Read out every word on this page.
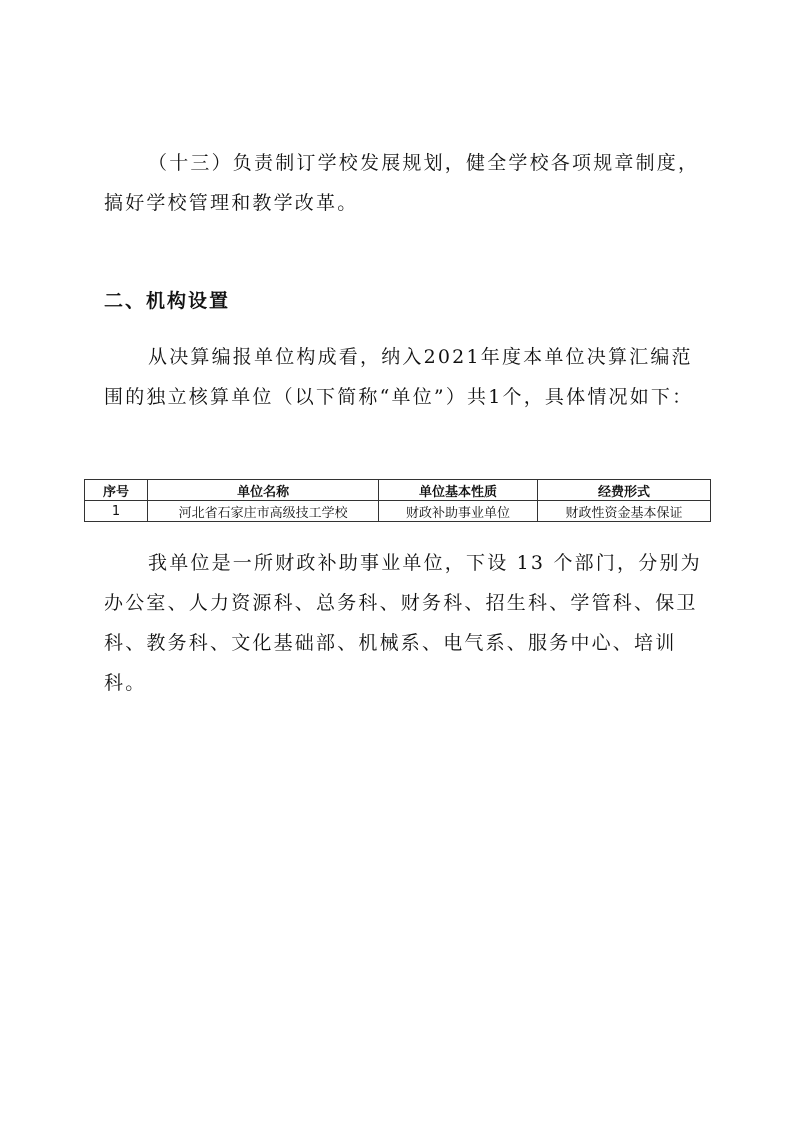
（十三）负责制订学校发展规划，健全学校各项规章制度，搞好学校管理和教学改革。

二、机构设置

从决算编报单位构成看，纳入2021年度本单位决算汇编范围的独立核算单位（以下简称“单位”）共1个，具体情况如下：

序号	单位名称	单位基本性质	经费形式
1	河北省石家庄市高级技工学校	财政补助事业单位	财政性资金基本保证

我单位是一所财政补助事业单位，下设 13 个部门，分别为办公室、人力资源科、总务科、财务科、招生科、学管科、保卫科、教务科、文化基础部、机械系、电气系、服务中心、培训科。
